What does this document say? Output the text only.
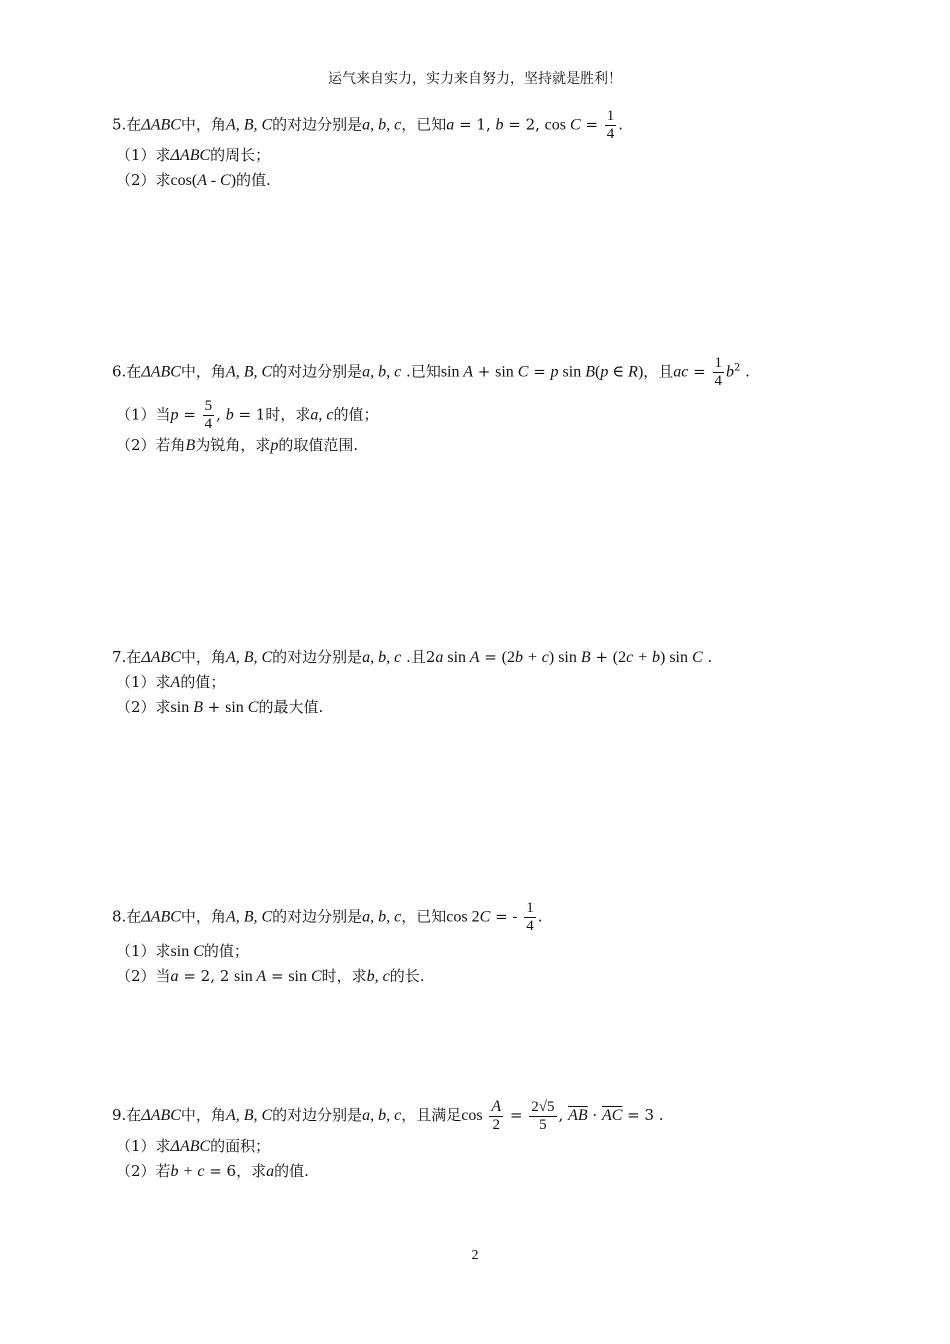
运气来自实力，实力来自努力，坚持就是胜利！
5.在ΔABC中，角A, B, C的对边分别是a, b, c，已知a = 1, b = 2, $\cos C = \frac{1}{4}$ .
（1）求ΔABC的周长；
（2）求cos(A - C)的值.
6.在ΔABC中，角A, B, C的对边分别是a, b, c .已知sin A + sin C = p sin B(p ∈ R)，且ac = $\frac{1}{4} b^2$ .
（1）当$p = \frac{5}{4}$ , b = 1时，求a, c的值；
（2）若角B为锐角，求p的取值范围.
7.在ΔABC中，角A, B, C的对边分别是a, b, c .且2a sin A = (2b + c) sin B + (2c + b) sin C .
（1）求A的值；
（2）求sin B + sin C的最大值.
8.在ΔABC中，角A, B, C的对边分别是a, b, c，已知cos 2C = - $\frac{1}{4}$ .
（1）求sin C的值；
（2）当a = 2, 2 sin A = sin C时，求b, c的长.
9.在ΔABC中，角A, B, C的对边分别是a, b, c，且满足$\cos \frac{A}{2} = \frac{2√5}{5}$ , $\overline{AB} \cdot \overline{AC} = 3$ .
（1）求ΔABC的面积；
（2）若b + c = 6，求a的值.
2
